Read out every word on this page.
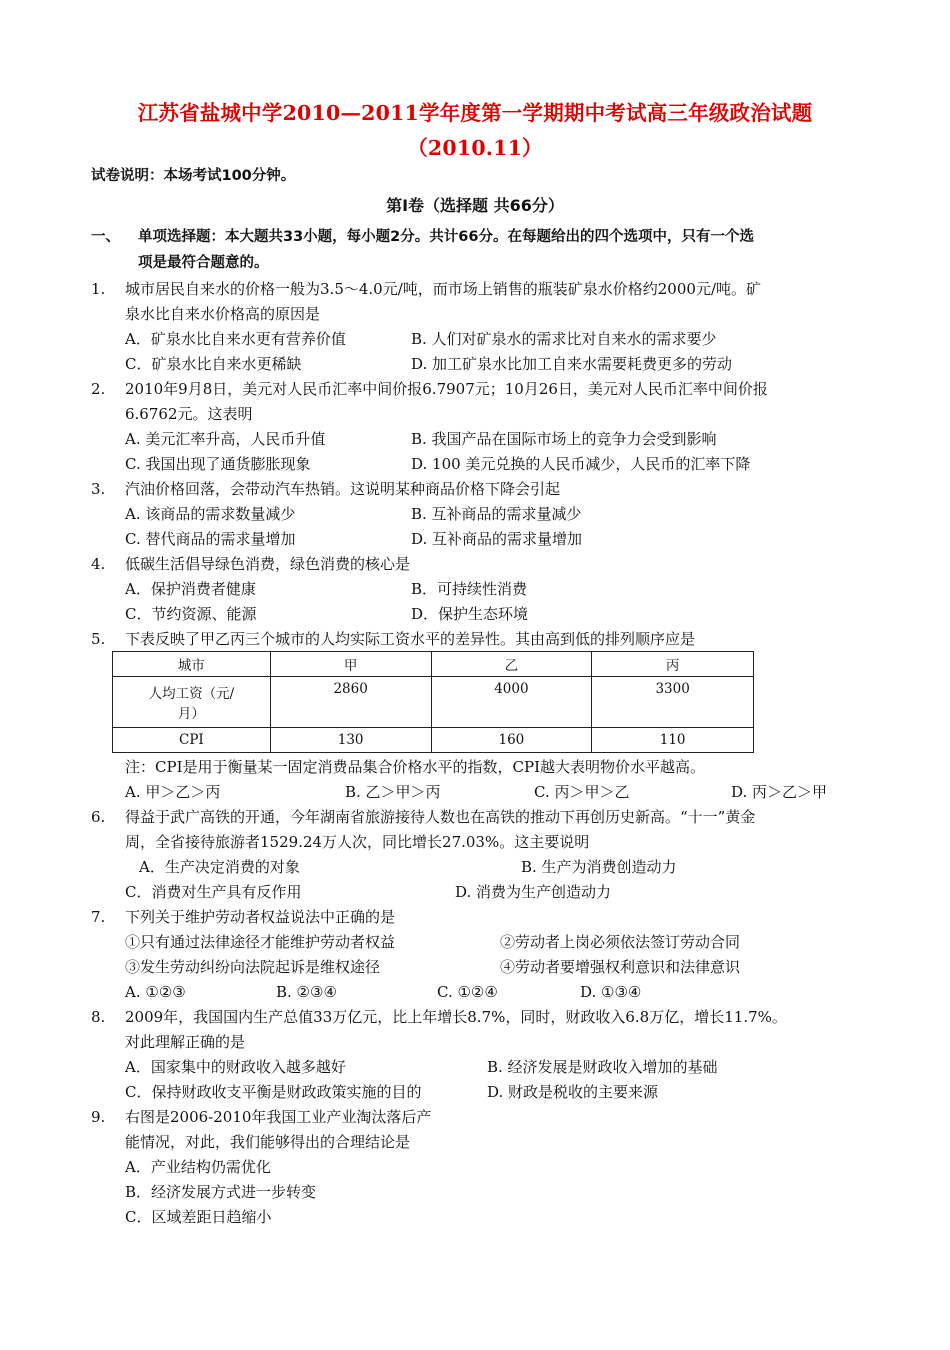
江苏省盐城中学2010—2011学年度第一学期期中考试高三年级政治试题
（2010.11）
试卷说明：本场考试100分钟。
第Ⅰ卷（选择题 共66分）
一、 单项选择题：本大题共33小题，每小题2分。共计66分。在每题给出的四个选项中，只有一个选
项是最符合题意的。
1. 城市居民自来水的价格一般为3.5～4.0元/吨，而市场上销售的瓶装矿泉水价格约2000元/吨。矿
泉水比自来水价格高的原因是
A．矿泉水比自来水更有营养价值	B. 人们对矿泉水的需求比对自来水的需求要少
C．矿泉水比自来水更稀缺	D. 加工矿泉水比加工自来水需要耗费更多的劳动
2. 2010年9月8日，美元对人民币汇率中间价报6.7907元；10月26日，美元对人民币汇率中间价报
6.6762元。这表明
A. 美元汇率升高，人民币升值	B. 我国产品在国际市场上的竞争力会受到影响
C. 我国出现了通货膨胀现象	D. 100 美元兑换的人民币减少，人民币的汇率下降
3. 汽油价格回落，会带动汽车热销。这说明某种商品价格下降会引起
A. 该商品的需求数量减少	B. 互补商品的需求量减少
C. 替代商品的需求量增加	D. 互补商品的需求量增加
4. 低碳生活倡导绿色消费，绿色消费的核心是
A．保护消费者健康	B．可持续性消费
C．节约资源、能源	D．保护生态环境
5. 下表反映了甲乙丙三个城市的人均实际工资水平的差异性。其由高到低的排列顺序应是
城市	甲	乙	丙

人均工资（元/
月）	2860	4000	3300
CPI	130	160	110
注：CPI是用于衡量某一固定消费品集合价格水平的指数，CPI越大表明物价水平越高。
A. 甲＞乙＞丙	B. 乙＞甲＞丙	C. 丙＞甲＞乙	D. 丙＞乙＞甲
6. 得益于武广高铁的开通，今年湖南省旅游接待人数也在高铁的推动下再创历史新高。“十一”黄金
周，全省接待旅游者1529.24万人次，同比增长27.03%。这主要说明
A．生产决定消费的对象	B. 生产为消费创造动力
C．消费对生产具有反作用	D. 消费为生产创造动力
7. 下列关于维护劳动者权益说法中正确的是
①只有通过法律途径才能维护劳动者权益	②劳动者上岗必须依法签订劳动合同
③发生劳动纠纷向法院起诉是维权途径	④劳动者要增强权利意识和法律意识
A. ①②③	B. ②③④	C. ①②④	D. ①③④
8. 2009年，我国国内生产总值33万亿元，比上年增长8.7%，同时，财政收入6.8万亿，增长11.7%。
对此理解正确的是
A．国家集中的财政收入越多越好	B. 经济发展是财政收入增加的基础
C．保持财政收支平衡是财政政策实施的目的	D. 财政是税收的主要来源
9. 右图是2006-2010年我国工业产业淘汰落后产
能情况，对此，我们能够得出的合理结论是
A．产业结构仍需优化
B．经济发展方式进一步转变
C．区域差距日趋缩小
